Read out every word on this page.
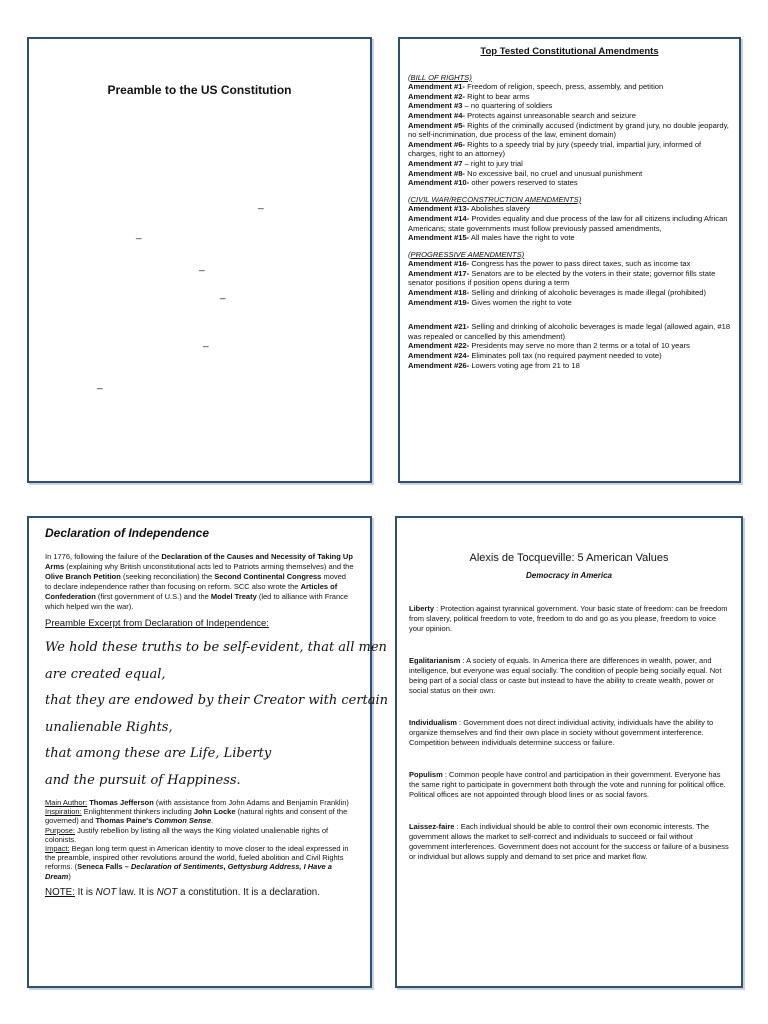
Preamble to the US Constitution
_
_
_
_
_
_
Top Tested Constitutional Amendments
(BILL OF RIGHTS)
Amendment #1- Freedom of religion, speech, press, assembly, and petition
Amendment #2- Right to bear arms
Amendment #3 – no quartering of soldiers
Amendment #4- Protects against unreasonable search and seizure
Amendment #5- Rights of the criminally accused (indictment by grand jury, no double jeopardy, no self-incrimination, due process of the law, eminent domain)
Amendment #6- Rights to a speedy trial by jury (speedy trial, impartial jury, informed of charges, right to an attorney)
Amendment #7 – right to jury trial
Amendment #8- No excessive bail, no cruel and unusual punishment
Amendment #10- other powers reserved to states
(CIVIL WAR/RECONSTRUCTION AMENDMENTS)
Amendment #13- Abolishes slavery
Amendment #14- Provides equality and due process of the law for all citizens including African Americans; state governments must follow previously passed amendments,
Amendment #15- All males have the right to vote
(PROGRESSIVE AMENDMENTS)
Amendment #16- Congress has the power to pass direct taxes, such as income tax
Amendment #17- Senators are to be elected by the voters in their state; governor fills state senator positions if position opens during a term
Amendment #18- Selling and drinking of alcoholic beverages is made illegal (prohibited)
Amendment #19- Gives women the right to vote
Amendment #21- Selling and drinking of alcoholic beverages is made legal (allowed again, #18 was repealed or cancelled by this amendment)
Amendment #22- Presidents may serve no more than 2 terms or a total of 10 years
Amendment #24- Eliminates poll tax (no required payment needed to vote)
Amendment #26- Lowers voting age from 21 to 18
Declaration of Independence

In 1776, following the failure of the Declaration of the Causes and Necessity of Taking Up Arms (explaining why British unconstitutional acts led to Patriots arming themselves) and the Olive Branch Petition (seeking reconciliation) the Second Continental Congress moved to declare independence rather than focusing on reform. SCC also wrote the Articles of Confederation (first government of U.S.) and the Model Treaty (led to alliance with France which helped win the war).

Preamble Excerpt from Declaration of Independence:
We hold these truths to be self-evident, that all men
are created equal,
that they are endowed by their Creator with certain
unalienable Rights,
that among these are Life, Liberty
and the pursuit of Happiness.
Main Author: Thomas Jefferson (with assistance from John Adams and Benjamin Franklin)
Inspiration: Enlightenment thinkers including John Locke (natural rights and consent of the governed) and Thomas Paine's Common Sense.
Purpose: Justify rebellion by listing all the ways the King violated unalienable rights of colonists.
Impact: Began long term quest in American identity to move closer to the ideal expressed in the preamble, inspired other revolutions around the world, fueled abolition and Civil Rights reforms. (Seneca Falls – Declaration of Sentiments, Gettysburg Address, I Have a Dream)
NOTE: It is NOT law. It is NOT a constitution. It is a declaration.
Alexis de Tocqueville: 5 American Values
Democracy in America

Liberty : Protection against tyrannical government. Your basic state of freedom: can be freedom from slavery, political freedom to vote, freedom to do and go as you please, freedom to voice your opinion.

Egalitarianism : A society of equals. In America there are differences in wealth, power, and intelligence, but everyone was equal socially. The condition of people being socially equal. Not being part of a social class or caste but instead to have the ability to create wealth, power or social status on their own.

Individualism : Government does not direct individual activity, individuals have the ability to organize themselves and find their own place in society without government interference. Competition between individuals determine success or failure.

Populism : Common people have control and participation in their government. Everyone has the same right to participate in government both through the vote and running for political office. Political offices are not appointed through blood lines or as social favors.

Laissez-faire : Each individual should be able to control their own economic interests. The government allows the market to self-correct and individuals to succeed or fail without government interferences. Government does not account for the success or failure of a business or individual but allows supply and demand to set price and market flow.
